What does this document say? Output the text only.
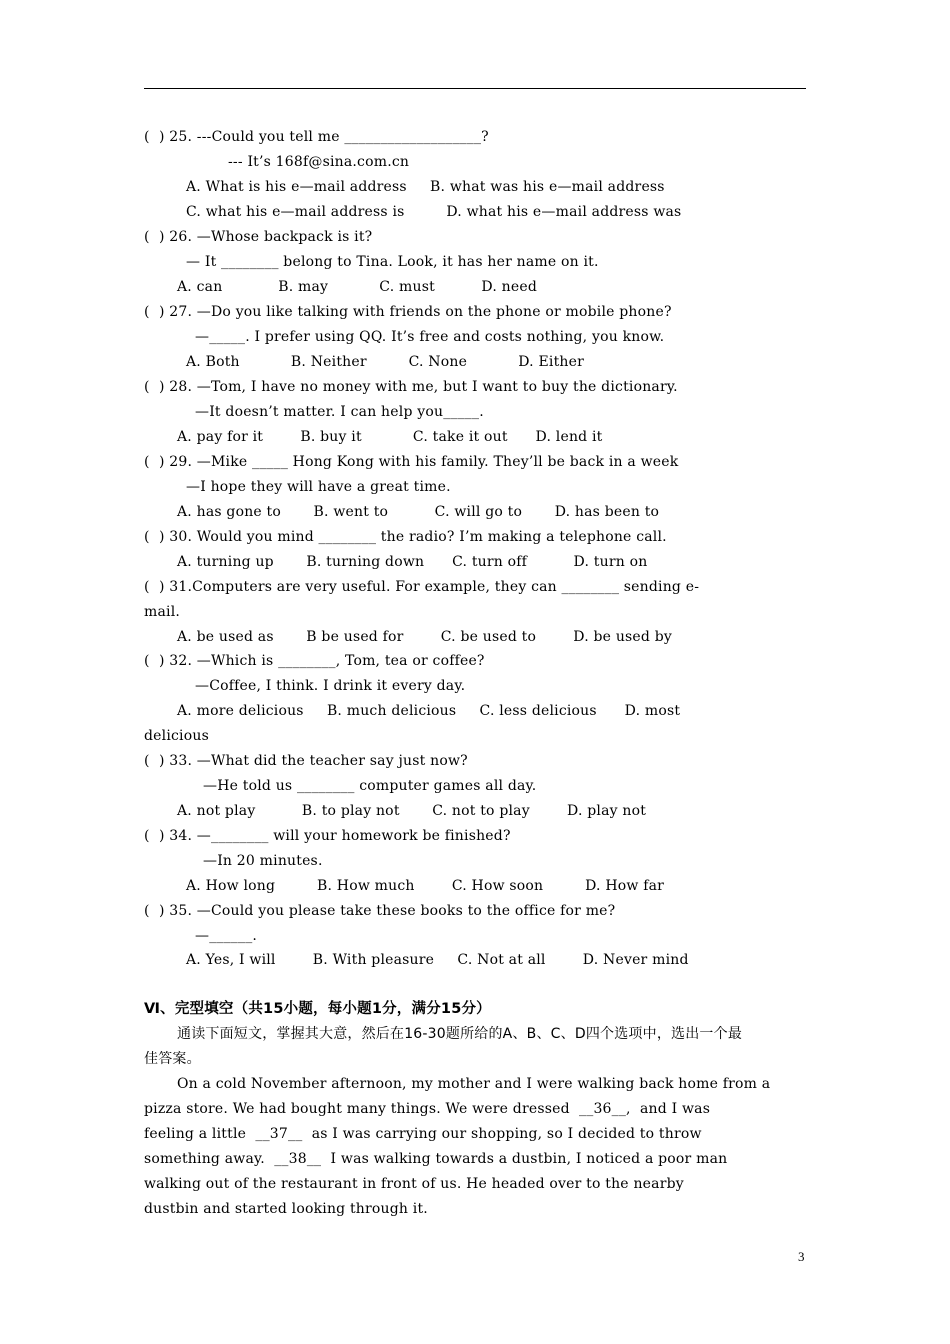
(  ) 25. ---Could you tell me ___________________?
--- It’s 168f@sina.com.cn
A. What is his e—mail address     B. what was his e—mail address
C. what his e—mail address is         D. what his e—mail address was
(  ) 26. —Whose backpack is it?
— It ________ belong to Tina. Look, it has her name on it.
A. can            B. may           C. must          D. need
(  ) 27. —Do you like talking with friends on the phone or mobile phone?
—_____. I prefer using QQ. It’s free and costs nothing, you know.
A. Both           B. Neither         C. None           D. Either
(  ) 28. —Tom, I have no money with me, but I want to buy the dictionary.
—It doesn’t matter. I can help you_____.
A. pay for it        B. buy it           C. take it out      D. lend it
(  ) 29. —Mike _____ Hong Kong with his family. They’ll be back in a week
—I hope they will have a great time.
A. has gone to       B. went to          C. will go to       D. has been to
(  ) 30. Would you mind ________ the radio? I’m making a telephone call.
A. turning up       B. turning down      C. turn off          D. turn on
(  ) 31.Computers are very useful. For example, they can ________ sending e-
mail.
A. be used as       B be used for        C. be used to        D. be used by
(  ) 32. —Which is ________, Tom, tea or coffee?
—Coffee, I think. I drink it every day.
A. more delicious     B. much delicious     C. less delicious      D. most
delicious
(  ) 33. —What did the teacher say just now?
—He told us ________ computer games all day.
A. not play          B. to play not       C. not to play        D. play not
(  ) 34. —________ will your homework be finished?
—In 20 minutes.
A. How long         B. How much        C. How soon         D. How far
(  ) 35. —Could you please take these books to the office for me?
—______.
A. Yes, I will        B. With pleasure     C. Not at all        D. Never mind
Ⅵ、完型填空（共15小题，每小题1分，满分15分）
通读下面短文，掌握其大意，然后在16-30题所给的A、B、C、D四个选项中，选出一个最
佳答案。
On a cold November afternoon, my mother and I were walking back home from a
pizza store. We had bought many things. We were dressed  __36__,  and I was
feeling a little  __37__  as I was carrying our shopping, so I decided to throw
something away.  __38__  I was walking towards a dustbin, I noticed a poor man
walking out of the restaurant in front of us. He headed over to the nearby
dustbin and started looking through it.
3
